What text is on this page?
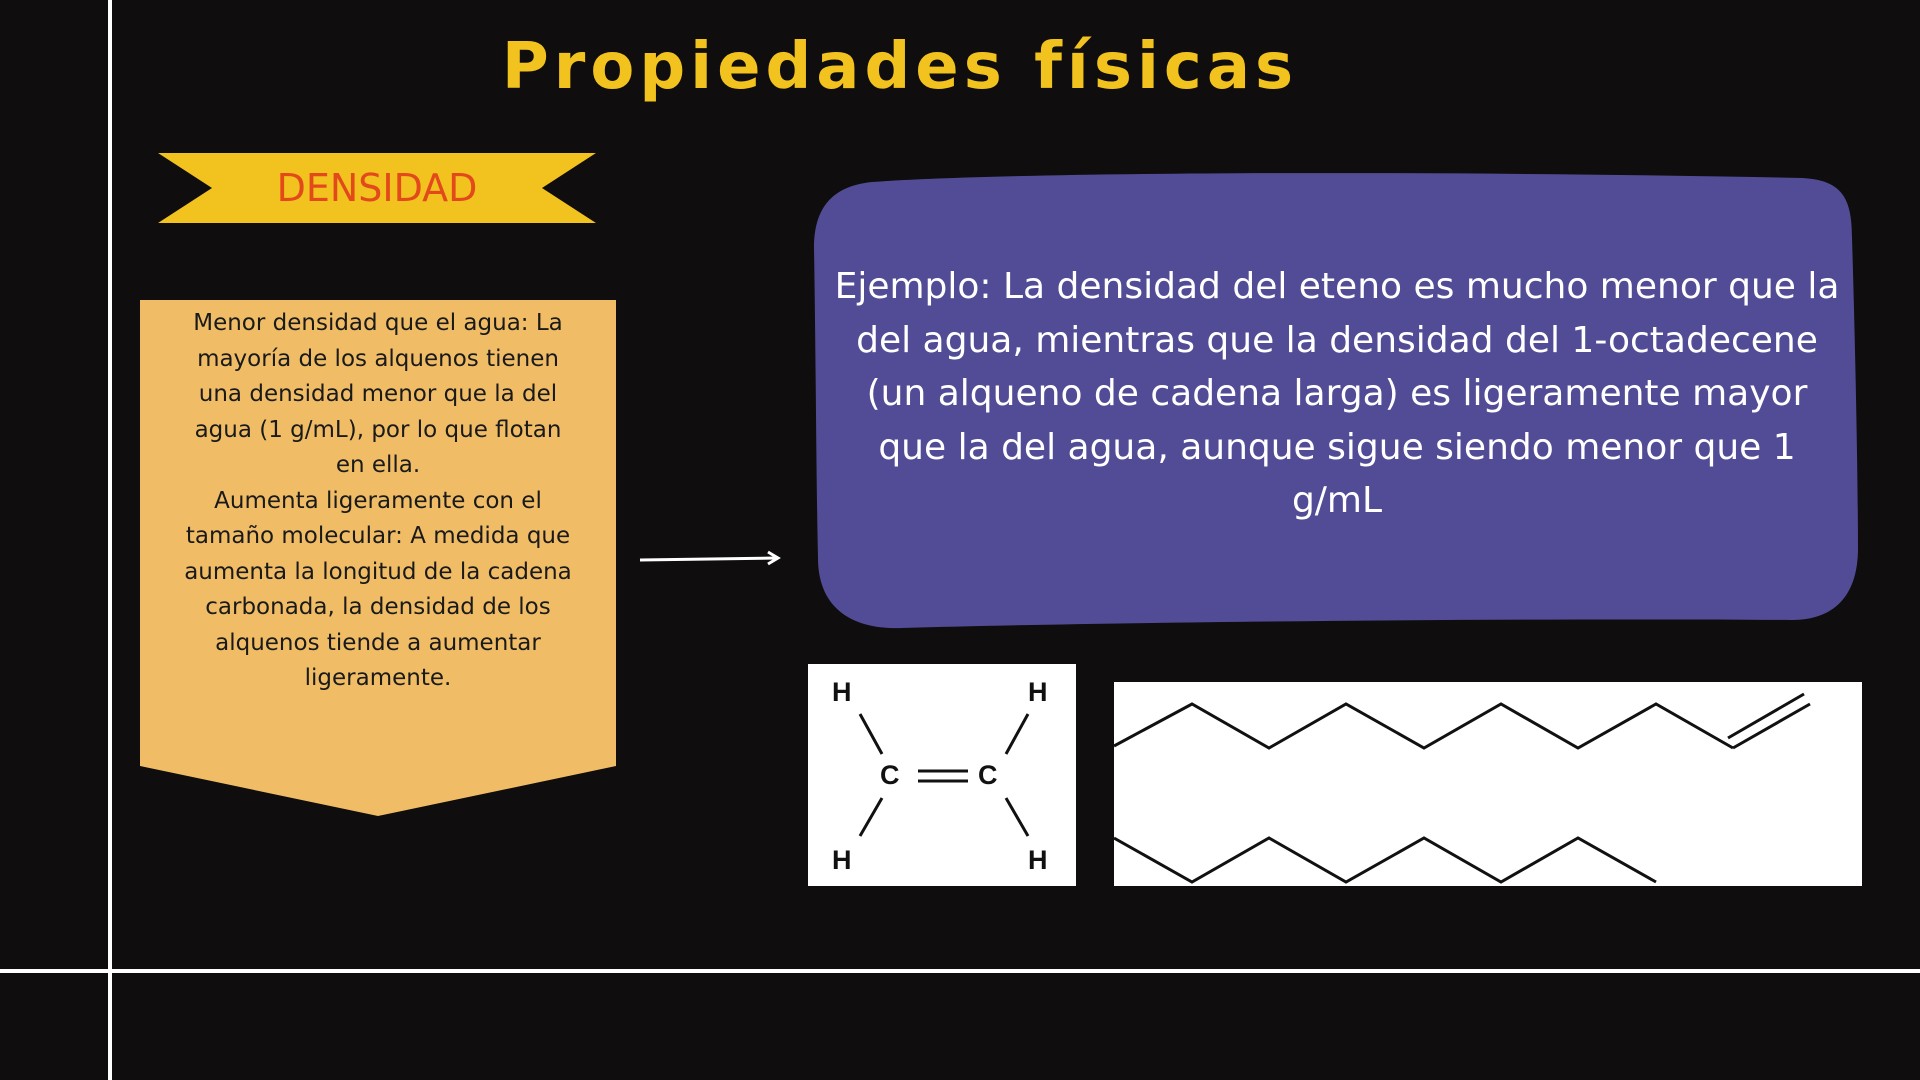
Propiedades físicas
DENSIDAD

Menor densidad que el agua: La mayoría de los alquenos tienen una densidad menor que la del agua (1 g/mL), por lo que flotan en ella.

Aumenta ligeramente con el tamaño molecular: A medida que aumenta la longitud de la cadena carbonada, la densidad de los alquenos tiende a aumentar ligeramente.

Ejemplo: La densidad del eteno es mucho menor que la del agua, mientras que la densidad del 1-octadecene (un alqueno de cadena larga) es ligeramente mayor que la del agua, aunque sigue siendo menor que 1 g/mL
H	H
C	C
H	H
